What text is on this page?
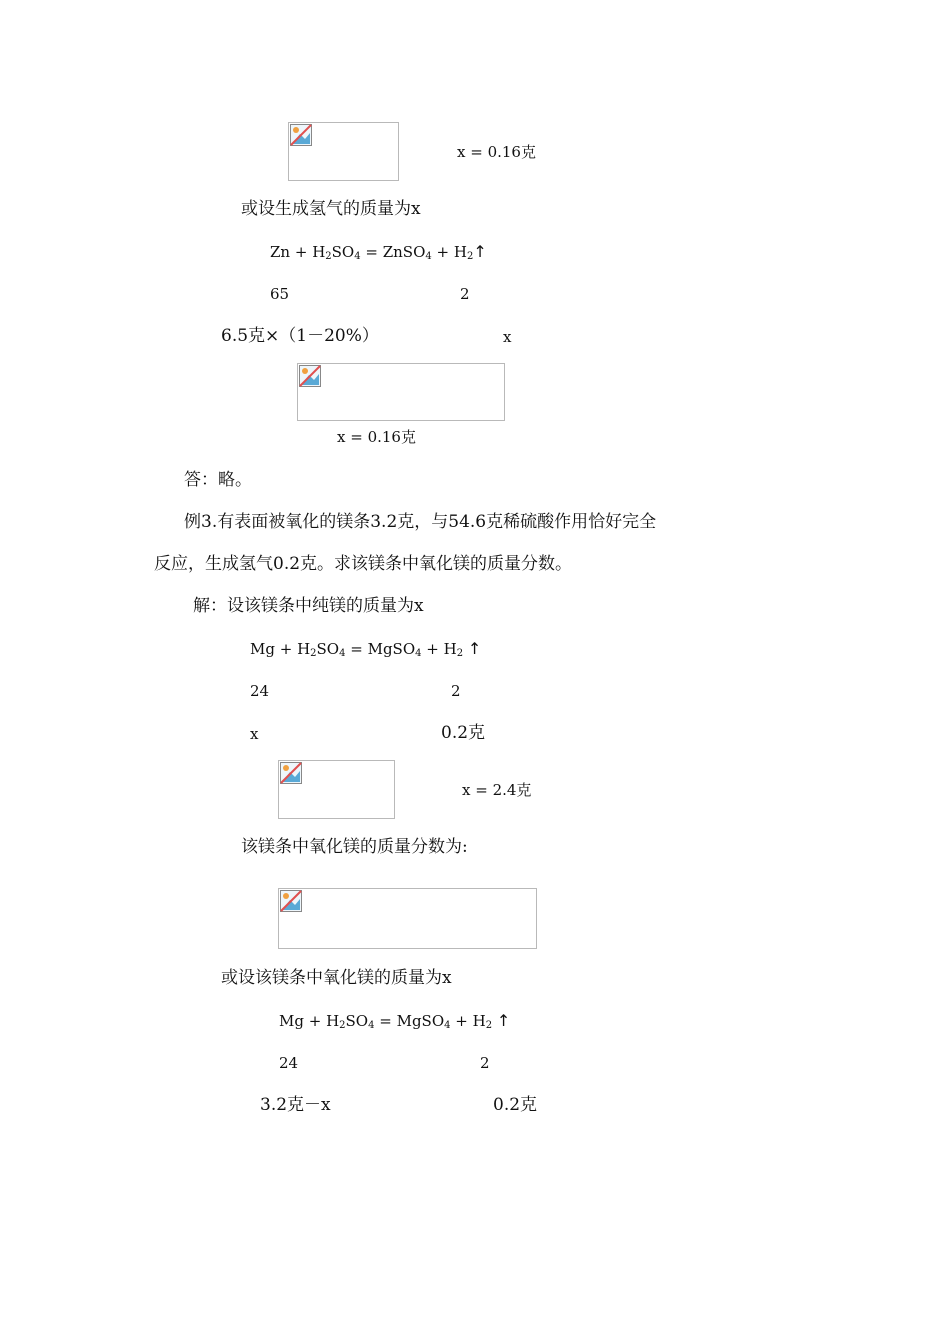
x = 0.16克
或设生成氢气的质量为x
$Zn + H_2SO_4$ = ZnSO$_4$ + $H_2↑$
65	2
6.5克×（1－20%）	x
x = 0.16克
答：略。
例3.有表面被氧化的镁条3.2克，与54.6克稀硫酸作用恰好完全
反应，生成氢气0.2克。求该镁条中氧化镁的质量分数。
解：设该镁条中纯镁的质量为x
$Mg + H_2SO_4$ = MgSO$_4$ + $H_2$ ↑
24	2
x	0.2克
x = 2.4克
该镁条中氧化镁的质量分数为:
或设该镁条中氧化镁的质量为x
$Mg + H_2SO_4$ = MgSO$_4$ + $H_2$ ↑
24	2
3.2克－x	0.2克
